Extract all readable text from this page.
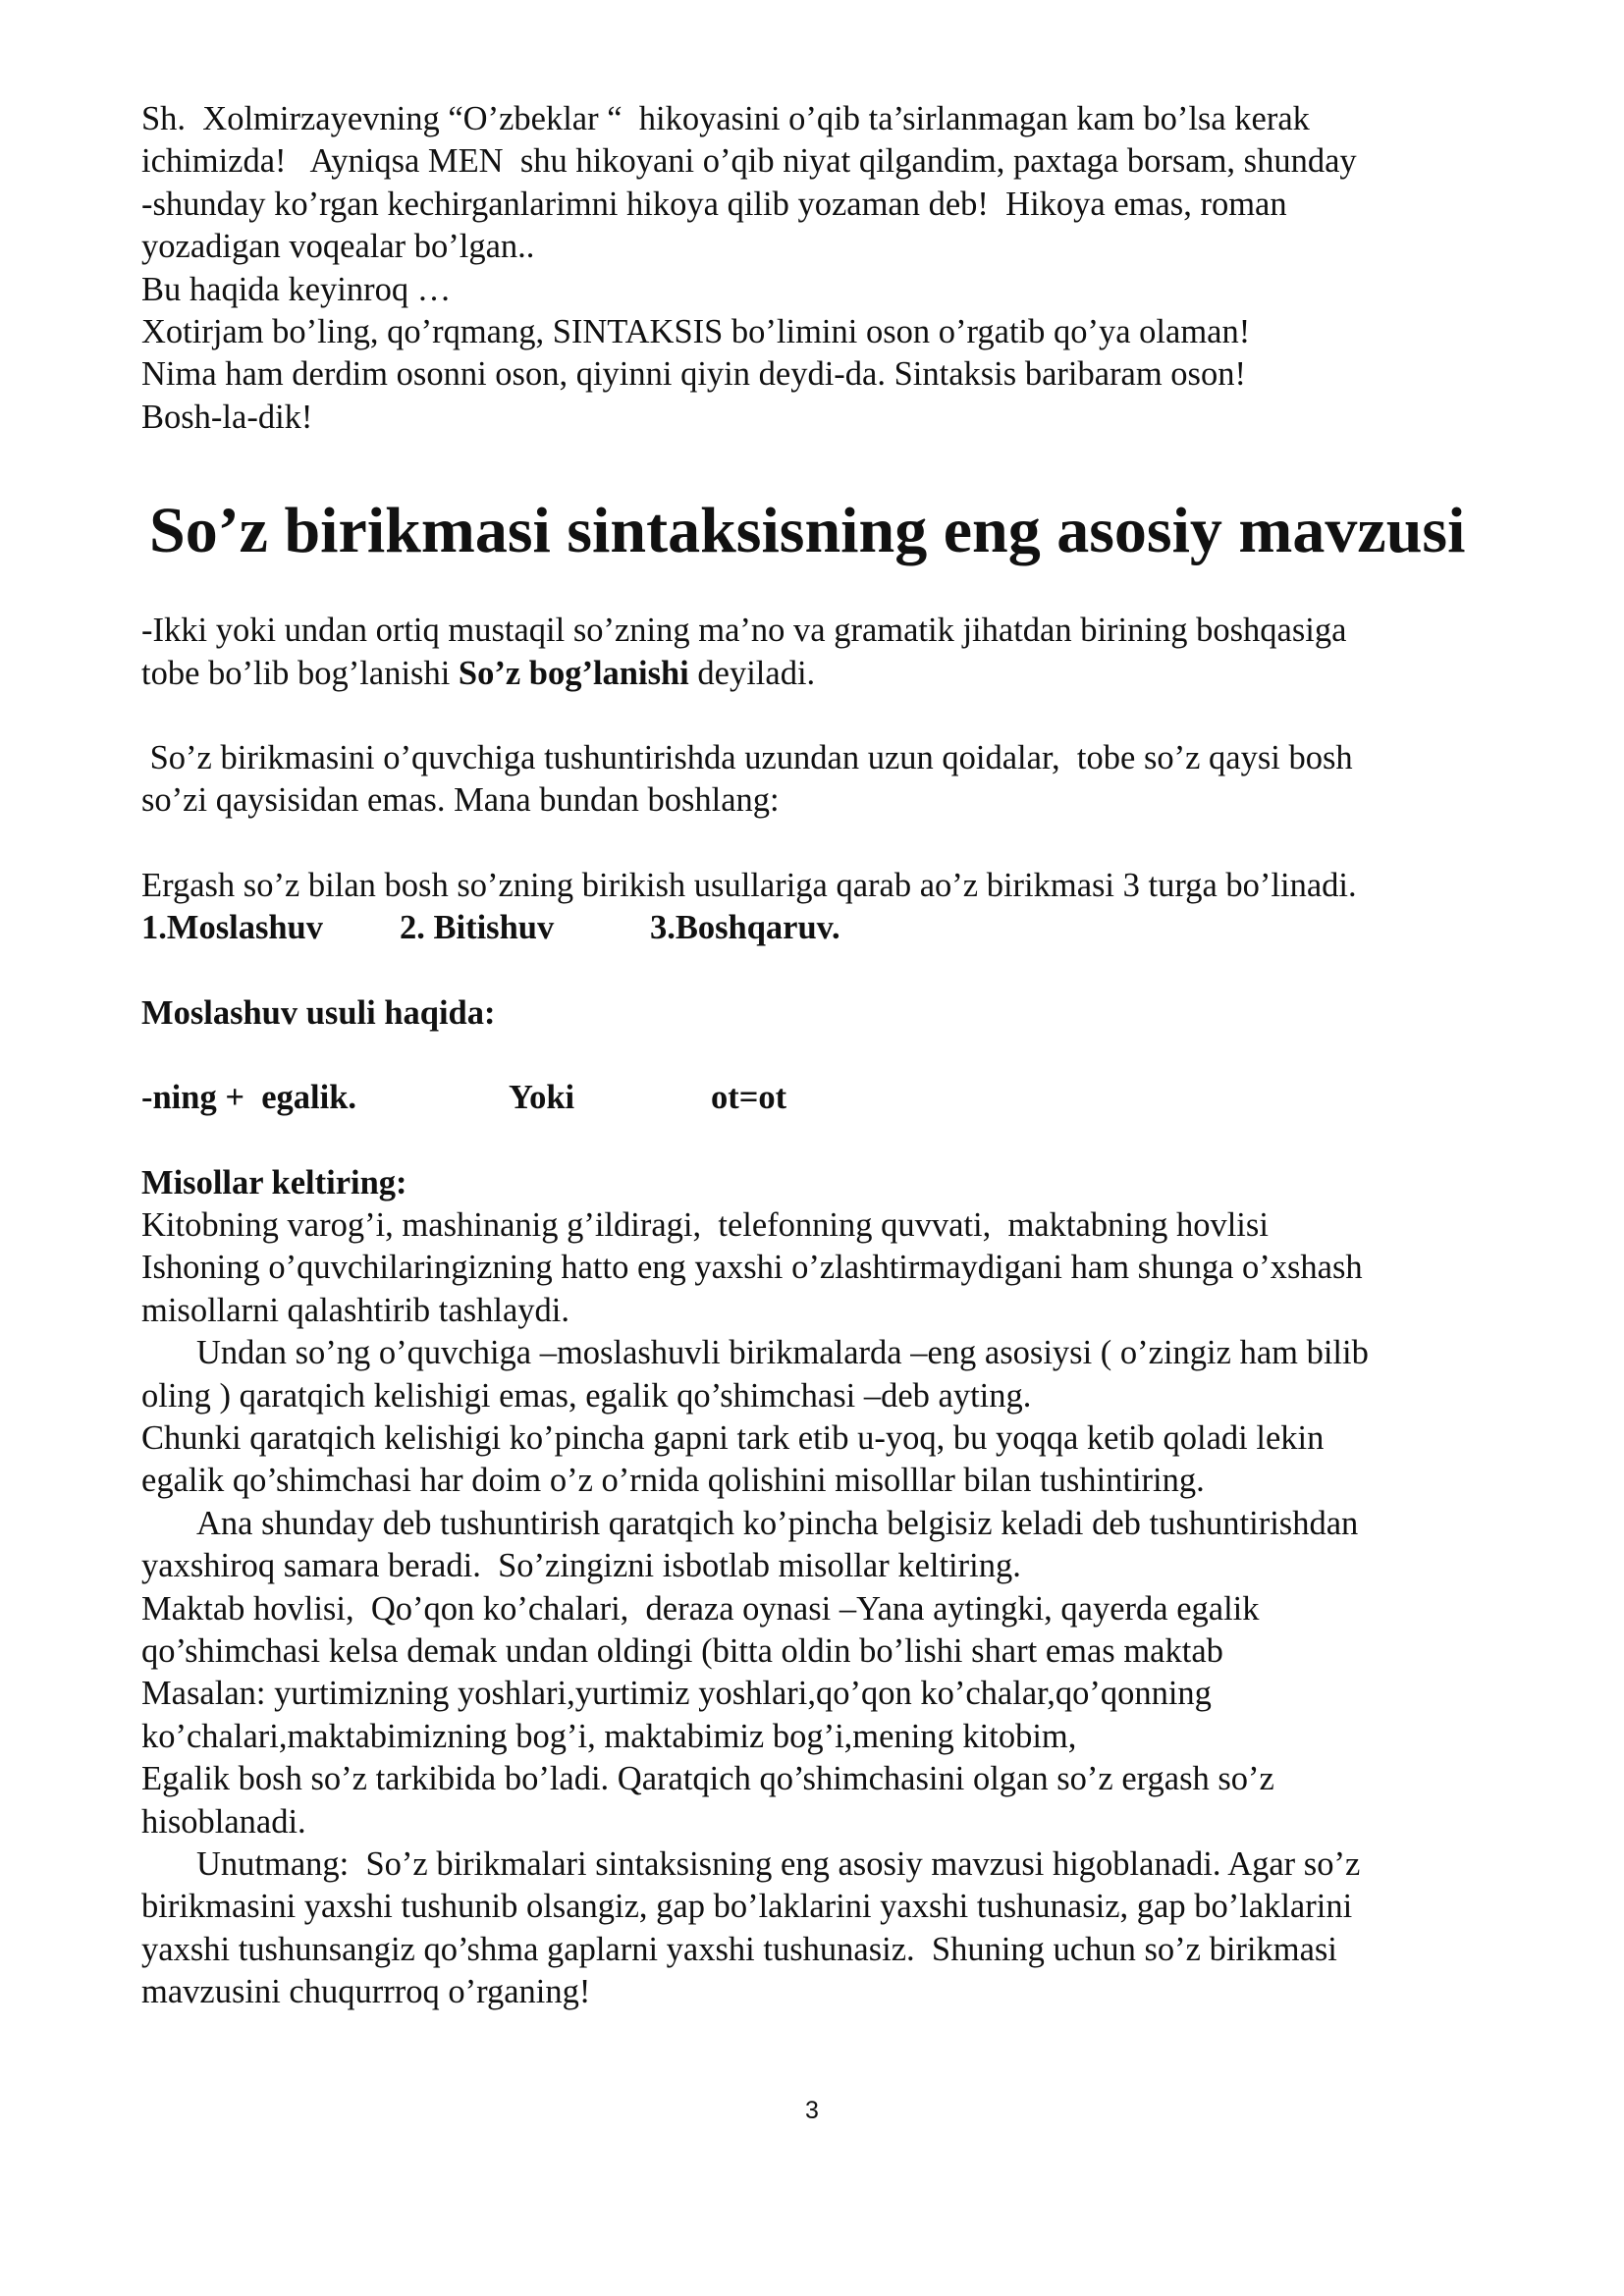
Sh.  Xolmirzayevning “O’zbeklar “  hikoyasini o’qib ta’sirlanmagan kam bo’lsa kerak
ichimizda!   Ayniqsa MEN  shu hikoyani o’qib niyat qilgandim, paxtaga borsam, shunday
-shunday ko’rgan kechirganlarimni hikoya qilib yozaman deb!  Hikoya emas, roman
yozadigan voqealar bo’lgan..
Bu haqida keyinroq …
Xotirjam bo’ling, qo’rqmang, SINTAKSIS bo’limini oson o’rgatib qo’ya olaman!
Nima ham derdim osonni oson, qiyinni qiyin deydi-da. Sintaksis baribaram oson!
Bosh-la-dik!
So’z birikmasi sintaksisning eng asosiy mavzusi
-Ikki yoki undan ortiq mustaqil so’zning ma’no va gramatik jihatdan birining boshqasiga
tobe bo’lib bog’lanishi So’z bog’lanishi deyiladi.
So’z birikmasini o’quvchiga tushuntirishda uzundan uzun qoidalar,  tobe so’z qaysi bosh
so’zi qaysisidan emas. Mana bundan boshlang:
Ergash so’z bilan bosh so’zning birikish usullariga qarab ao’z birikmasi 3 turga bo’linadi.
1.Moslashuv 2. Bitishuv	3.Boshqaruv.
Moslashuv usuli haqida:
-ning +  egalik.	Yoki	ot=ot
Misollar keltiring:
Kitobning varog’i, mashinanig g’ildiragi,  telefonning quvvati,  maktabning hovlisi
Ishoning o’quvchilaringizning hatto eng yaxshi o’zlashtirmaydigani ham shunga o’xshash
misollarni qalashtirib tashlaydi.
Undan so’ng o’quvchiga –moslashuvli birikmalarda –eng asosiysi ( o’zingiz ham bilib
oling ) qaratqich kelishigi emas, egalik qo’shimchasi –deb ayting.
Chunki qaratqich kelishigi ko’pincha gapni tark etib u-yoq, bu yoqqa ketib qoladi lekin
egalik qo’shimchasi har doim o’z o’rnida qolishini misolllar bilan tushintiring.
Ana shunday deb tushuntirish qaratqich ko’pincha belgisiz keladi deb tushuntirishdan
yaxshiroq samara beradi.  So’zingizni isbotlab misollar keltiring.
Maktab hovlisi,  Qo’qon ko’chalari,  deraza oynasi –Yana aytingki, qayerda egalik
qo’shimchasi kelsa demak undan oldingi (bitta oldin bo’lishi shart emas maktab
Masalan: yurtimizning yoshlari,yurtimiz yoshlari,qo’qon ko’chalar,qo’qonning
ko’chalari,maktabimizning bog’i, maktabimiz bog’i,mening kitobim,
Egalik bosh so’z tarkibida bo’ladi. Qaratqich qo’shimchasini olgan so’z ergash so’z
hisoblanadi.
Unutmang:  So’z birikmalari sintaksisning eng asosiy mavzusi higoblanadi. Agar so’z
birikmasini yaxshi tushunib olsangiz, gap bo’laklarini yaxshi tushunasiz, gap bo’laklarini
yaxshi tushunsangiz qo’shma gaplarni yaxshi tushunasiz.  Shuning uchun so’z birikmasi
mavzusini chuqurrroq o’rganing!
3
